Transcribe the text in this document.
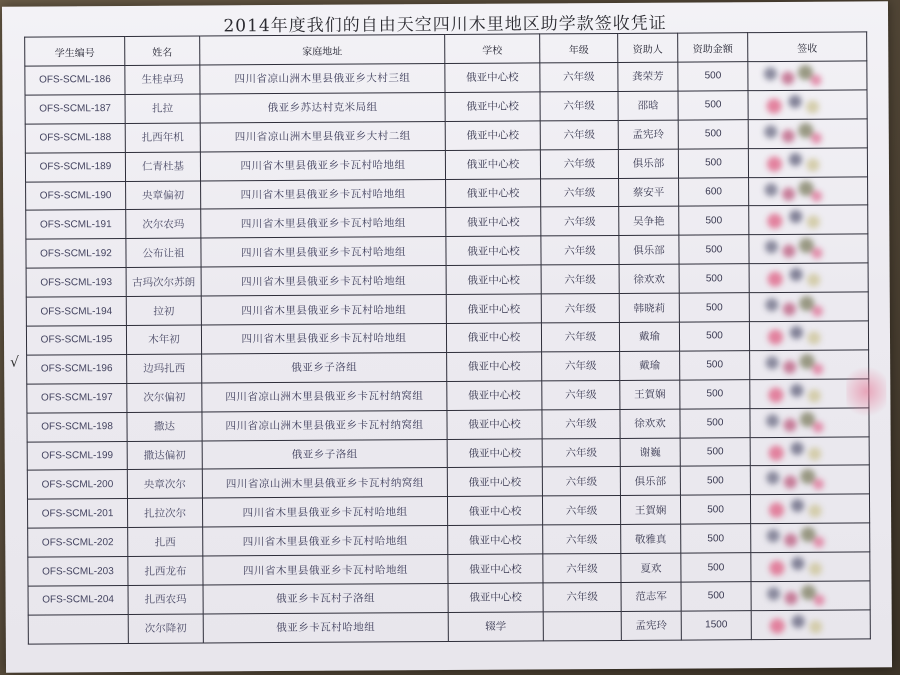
2014年度我们的自由天空四川木里地区助学款签收凭证
学生编号	姓名	家庭地址	学校	年级	资助人	资助金额	签收
OFS-SCML-186	生桂卓玛	四川省凉山洲木里县俄亚乡大村三组	俄亚中心校	六年级	龚荣芳	500	

OFS-SCML-187	扎拉	俄亚乡苏达村克米局组	俄亚中心校	六年级	邵晗	500	

OFS-SCML-188	扎西年机	四川省凉山洲木里县俄亚乡大村二组	俄亚中心校	六年级	孟宪玲	500	

OFS-SCML-189	仁青杜基	四川省木里县俄亚乡卡瓦村哈地组	俄亚中心校	六年级	俱乐部	500	

OFS-SCML-190	央章偏初	四川省木里县俄亚乡卡瓦村哈地组	俄亚中心校	六年级	蔡安平	600	

OFS-SCML-191	次尔农玛	四川省木里县俄亚乡卡瓦村哈地组	俄亚中心校	六年级	吴争艳	500	

OFS-SCML-192	公布让祖	四川省木里县俄亚乡卡瓦村哈地组	俄亚中心校	六年级	俱乐部	500	

OFS-SCML-193	古玛次尔苏朗	四川省木里县俄亚乡卡瓦村哈地组	俄亚中心校	六年级	徐欢欢	500	

OFS-SCML-194	拉初	四川省木里县俄亚乡卡瓦村哈地组	俄亚中心校	六年级	韩晓莉	500	

OFS-SCML-195	木年初	四川省木里县俄亚乡卡瓦村哈地组	俄亚中心校	六年级	戴瑜	500	

OFS-SCML-196	边玛扎西	俄亚乡子洛组	俄亚中心校	六年级	戴瑜	500	

OFS-SCML-197	次尔偏初	四川省凉山洲木里县俄亚乡卡瓦村纳窝组	俄亚中心校	六年级	王賀娴	500	

OFS-SCML-198	撒达	四川省凉山洲木里县俄亚乡卡瓦村纳窝组	俄亚中心校	六年级	徐欢欢	500	

OFS-SCML-199	撒达偏初	俄亚乡子洛组	俄亚中心校	六年级	谢巍	500	

OFS-SCML-200	央章次尔	四川省凉山洲木里县俄亚乡卡瓦村纳窝组	俄亚中心校	六年级	俱乐部	500	

OFS-SCML-201	扎拉次尔	四川省木里县俄亚乡卡瓦村哈地组	俄亚中心校	六年级	王賀娴	500	

OFS-SCML-202	扎西	四川省木里县俄亚乡卡瓦村哈地组	俄亚中心校	六年级	敬雅真	500	

OFS-SCML-203	扎西龙布	四川省木里县俄亚乡卡瓦村哈地组	俄亚中心校	六年级	夏欢	500	

OFS-SCML-204	扎西农玛	俄亚乡卡瓦村子洛组	俄亚中心校	六年级	范志军	500	

	次尔降初	俄亚乡卡瓦村哈地组	辍学		孟宪玲	1500	
√
